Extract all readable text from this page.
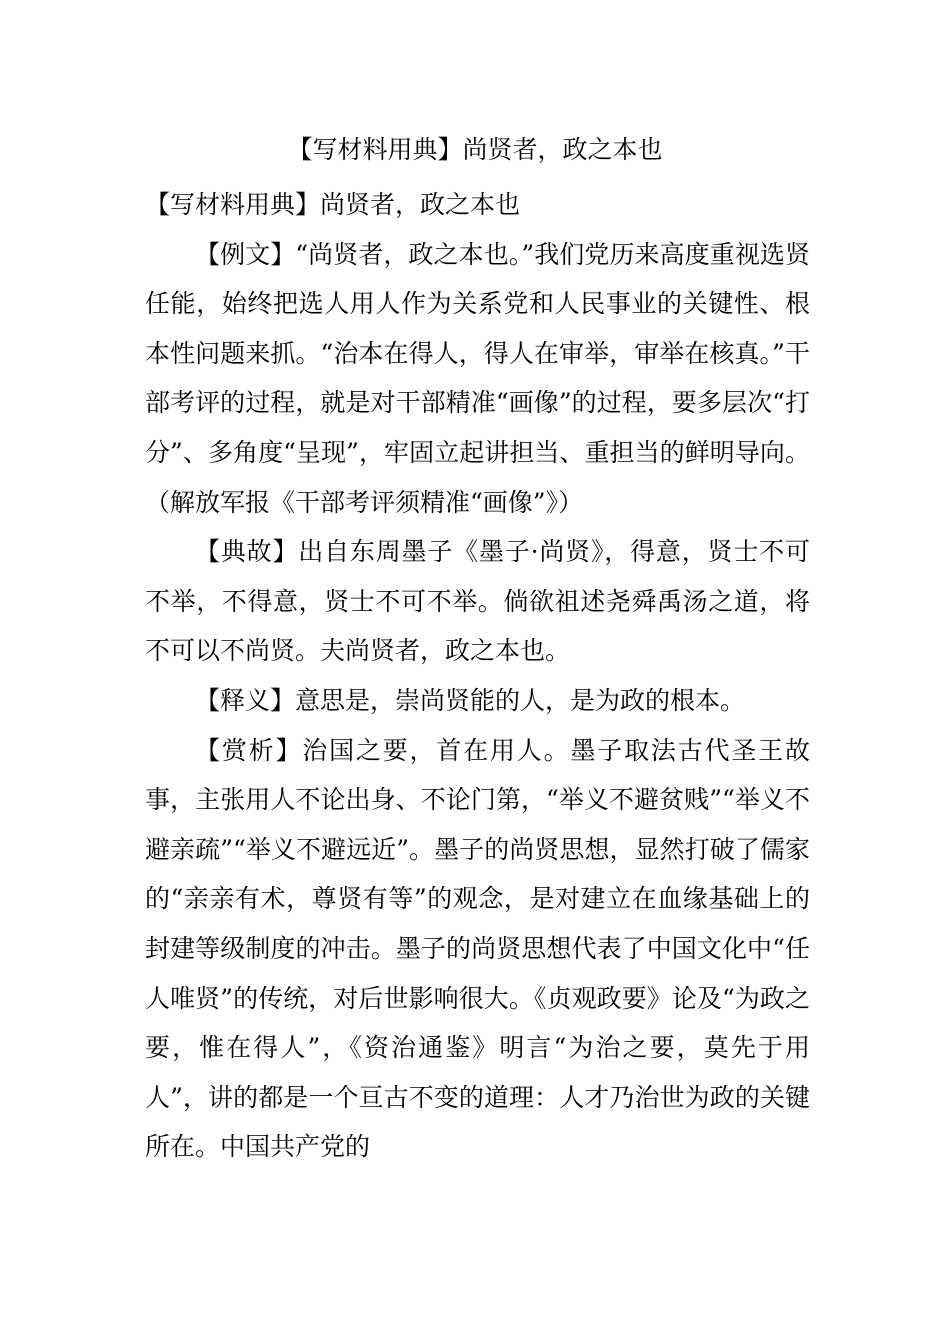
【写材料用典】尚贤者，政之本也

【写材料用典】尚贤者，政之本也

【例文】“尚贤者，政之本也。”我们党历来高度重视选贤任能，始终把选人用人作为关系党和人民事业的关键性、根本性问题来抓。“治本在得人，得人在审举，审举在核真。”干部考评的过程，就是对干部精准“画像”的过程，要多层次“打分”、多角度“呈现”，牢固立起讲担当、重担当的鲜明导向。（解放军报《干部考评须精准“画像”》）

【典故】出自东周墨子《墨子·尚贤》，得意，贤士不可不举，不得意，贤士不可不举。倘欲祖述尧舜禹汤之道，将不可以不尚贤。夫尚贤者，政之本也。

【释义】意思是，崇尚贤能的人，是为政的根本。

【赏析】治国之要，首在用人。墨子取法古代圣王故事，主张用人不论出身、不论门第，“举义不避贫贱”“举义不避亲疏”“举义不避远近”。墨子的尚贤思想，显然打破了儒家的“亲亲有术，尊贤有等”的观念，是对建立在血缘基础上的封建等级制度的冲击。墨子的尚贤思想代表了中国文化中“任人唯贤”的传统，对后世影响很大。《贞观政要》论及“为政之要，惟在得人”，《资治通鉴》明言“为治之要，莫先于用人”，讲的都是一个亘古不变的道理：人才乃治世为政的关键所在。中国共产党的
